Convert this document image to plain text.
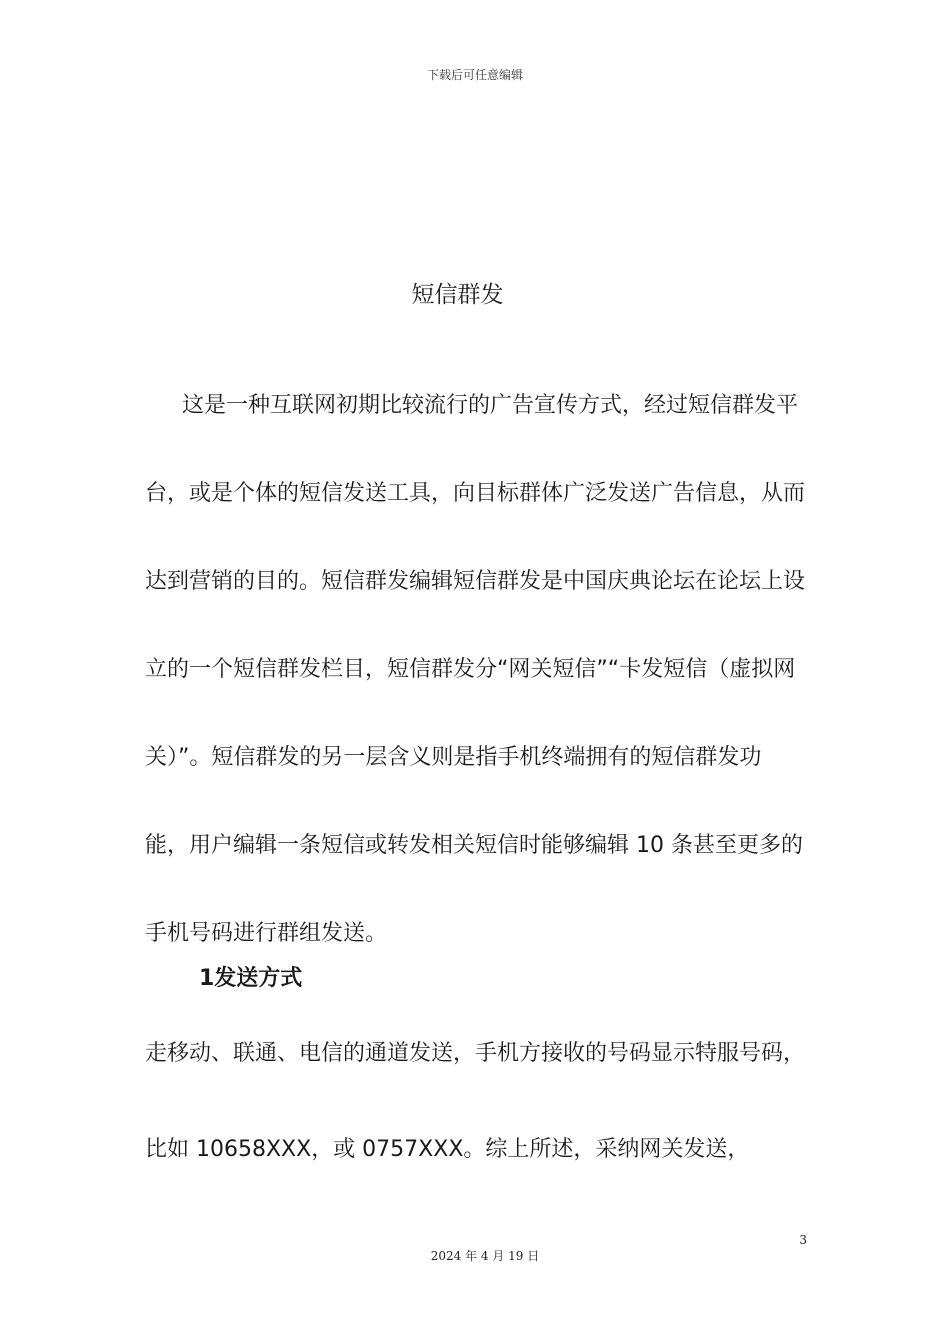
下载后可任意编辑
短信群发

这是一种互联网初期比较流行的广告宣传方式，经过短信群发平台，或是个体的短信发送工具，向目标群体广泛发送广告信息，从而达到营销的目的。短信群发编辑短信群发是中国庆典论坛在论坛上设立的一个短信群发栏目，短信群发分“网关短信”“卡发短信（虚拟网关）”。短信群发的另一层含义则是指手机终端拥有的短信群发功能，用户编辑一条短信或转发相关短信时能够编辑 10 条甚至更多的手机号码进行群组发送。

1发送方式

走移动、联通、电信的通道发送，手机方接收的号码显示特服号码，比如 10658XXX，或 0757XXX。综上所述，采纳网关发送，

3
2024 年 4 月 19 日
